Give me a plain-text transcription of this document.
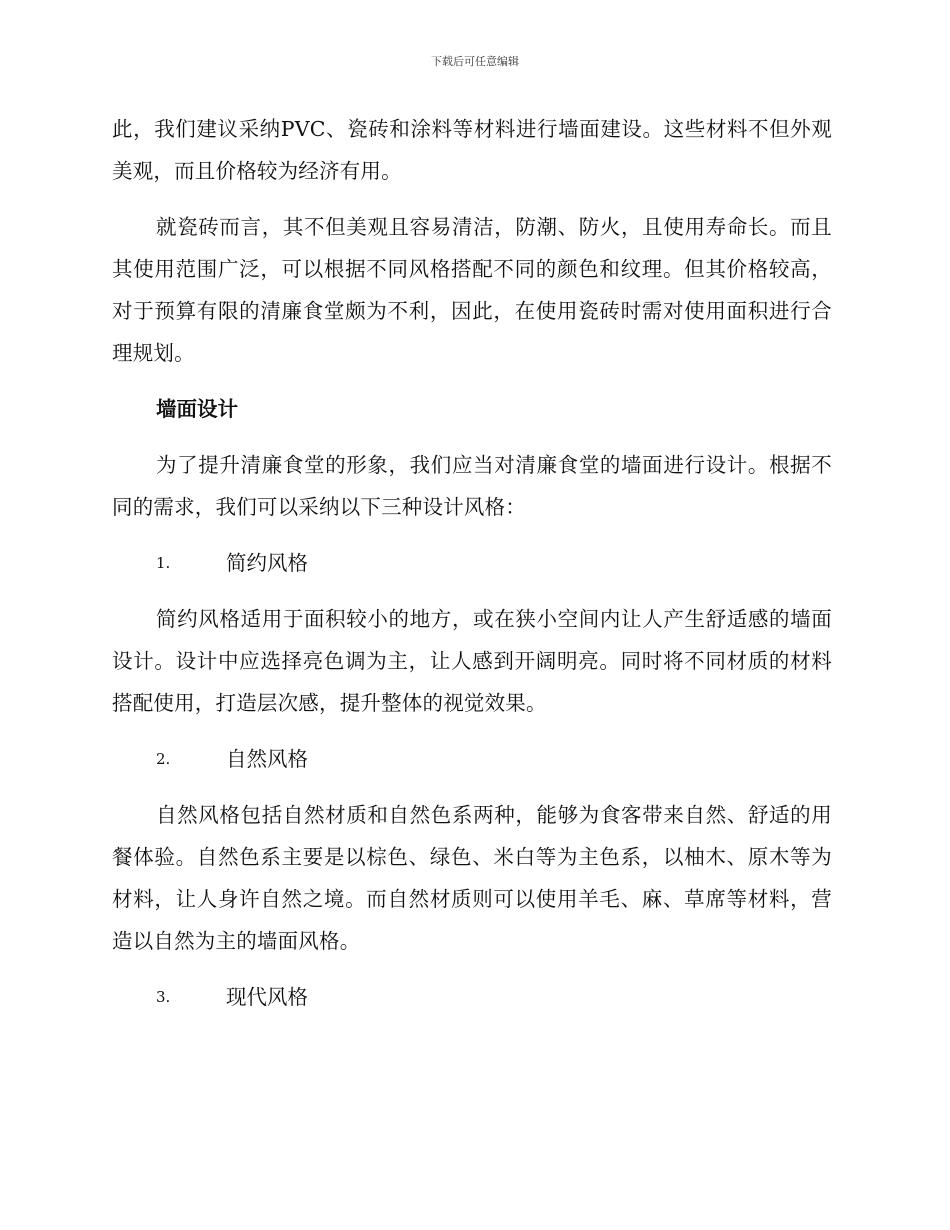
下载后可任意编辑

此，我们建议采纳PVC、瓷砖和涂料等材料进行墙面建设。这些材料不但外观美观，而且价格较为经济有用。

就瓷砖而言，其不但美观且容易清洁，防潮、防火，且使用寿命长。而且其使用范围广泛，可以根据不同风格搭配不同的颜色和纹理。但其价格较高，对于预算有限的清廉食堂颇为不利，因此，在使用瓷砖时需对使用面积进行合理规划。

墙面设计

为了提升清廉食堂的形象，我们应当对清廉食堂的墙面进行设计。根据不同的需求，我们可以采纳以下三种设计风格：

1.	简约风格

简约风格适用于面积较小的地方，或在狭小空间内让人产生舒适感的墙面设计。设计中应选择亮色调为主，让人感到开阔明亮。同时将不同材质的材料搭配使用，打造层次感，提升整体的视觉效果。

2.	自然风格

自然风格包括自然材质和自然色系两种，能够为食客带来自然、舒适的用餐体验。自然色系主要是以棕色、绿色、米白等为主色系，以柚木、原木等为材料，让人身许自然之境。而自然材质则可以使用羊毛、麻、草席等材料，营造以自然为主的墙面风格。

3.	现代风格
